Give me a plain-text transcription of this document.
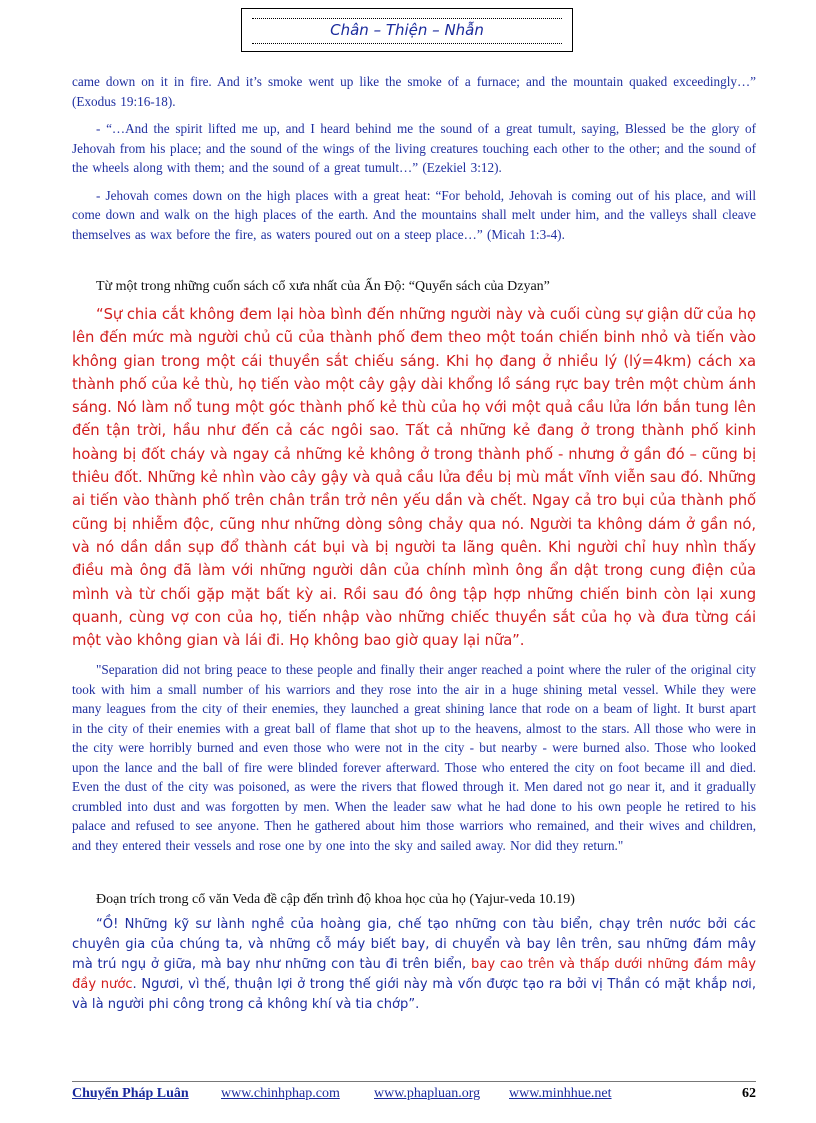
Chân – Thiện – Nhẫn

came down on it in fire. And it’s smoke went up like the smoke of a furnace; and the mountain quaked exceedingly…” (Exodus 19:16-18).

- “…And the spirit lifted me up, and I heard behind me the sound of a great tumult, saying, Blessed be the glory of Jehovah from his place; and the sound of the wings of the living creatures touching each other to the other; and the sound of the wheels along with them; and the sound of a great tumult…” (Ezekiel 3:12).

- Jehovah comes down on the high places with a great heat: “For behold, Jehovah is coming out of his place, and will come down and walk on the high places of the earth. And the mountains shall melt under him, and the valleys shall cleave themselves as wax before the fire, as waters poured out on a steep place…” (Micah 1:3-4).

Từ một trong những cuốn sách cổ xưa nhất của Ấn Độ: “Quyển sách của Dzyan”

“Sự chia cắt không đem lại hòa bình đến những người này và cuối cùng sự giận dữ của họ lên đến mức mà người chủ cũ của thành phố đem theo một toán chiến binh nhỏ và tiến vào không gian trong một cái thuyền sắt chiếu sáng. Khi họ đang ở nhiều lý (lý=4km) cách xa thành phố của kẻ thù, họ tiến vào một cây gậy dài khổng lồ sáng rực bay trên một chùm ánh sáng. Nó làm nổ tung một góc thành phố kẻ thù của họ với một quả cầu lửa lớn bắn tung lên đến tận trời, hầu như đến cả các ngôi sao. Tất cả những kẻ đang ở trong thành phố kinh hoàng bị đốt cháy và ngay cả những kẻ không ở trong thành phố - nhưng ở gần đó – cũng bị thiêu đốt. Những kẻ nhìn vào cây gậy và quả cầu lửa đều bị mù mắt vĩnh viễn sau đó. Những ai tiến vào thành phố trên chân trần trở nên yếu dần và chết. Ngay cả tro bụi của thành phố cũng bị nhiễm độc, cũng như những dòng sông chảy qua nó. Người ta không dám ở gần nó, và nó dần dần sụp đổ thành cát bụi và bị người ta lãng quên. Khi người chỉ huy nhìn thấy điều mà ông đã làm với những người dân của chính mình ông ẩn dật trong cung điện của mình và từ chối gặp mặt bất kỳ ai. Rồi sau đó ông tập hợp những chiến binh còn lại xung quanh, cùng vợ con của họ, tiến nhập vào những chiếc thuyền sắt của họ và đưa từng cái một vào không gian và lái đi. Họ không bao giờ quay lại nữa”.

"Separation did not bring peace to these people and finally their anger reached a point where the ruler of the original city took with him a small number of his warriors and they rose into the air in a huge shining metal vessel. While they were many leagues from the city of their enemies, they launched a great shining lance that rode on a beam of light. It burst apart in the city of their enemies with a great ball of flame that shot up to the heavens, almost to the stars. All those who were in the city were horribly burned and even those who were not in the city - but nearby - were burned also. Those who looked upon the lance and the ball of fire were blinded forever afterward. Those who entered the city on foot became ill and died. Even the dust of the city was poisoned, as were the rivers that flowed through it. Men dared not go near it, and it gradually crumbled into dust and was forgotten by men. When the leader saw what he had done to his own people he retired to his palace and refused to see anyone. Then he gathered about him those warriors who remained, and their wives and children, and they entered their vessels and rose one by one into the sky and sailed away. Nor did they return."

Đoạn trích trong cổ văn Veda đề cập đến trình độ khoa học của họ (Yajur-veda 10.19)

“Ồ! Những kỹ sư lành nghề của hoàng gia, chế tạo những con tàu biển, chạy trên nước bởi các chuyên gia của chúng ta, và những cỗ máy biết bay, di chuyển và bay lên trên, sau những đám mây mà trú ngụ ở giữa, mà bay như những con tàu đi trên biển, bay cao trên và thấp dưới những đám mây đầy nước. Ngươi, vì thế, thuận lợi ở trong thế giới này mà vốn được tạo ra bởi vị Thần có mặt khắp nơi, và là người phi công trong cả không khí và tia chớp”.

Chuyển Pháp Luân www.chinhphap.com www.phapluan.org www.minhhue.net	62
